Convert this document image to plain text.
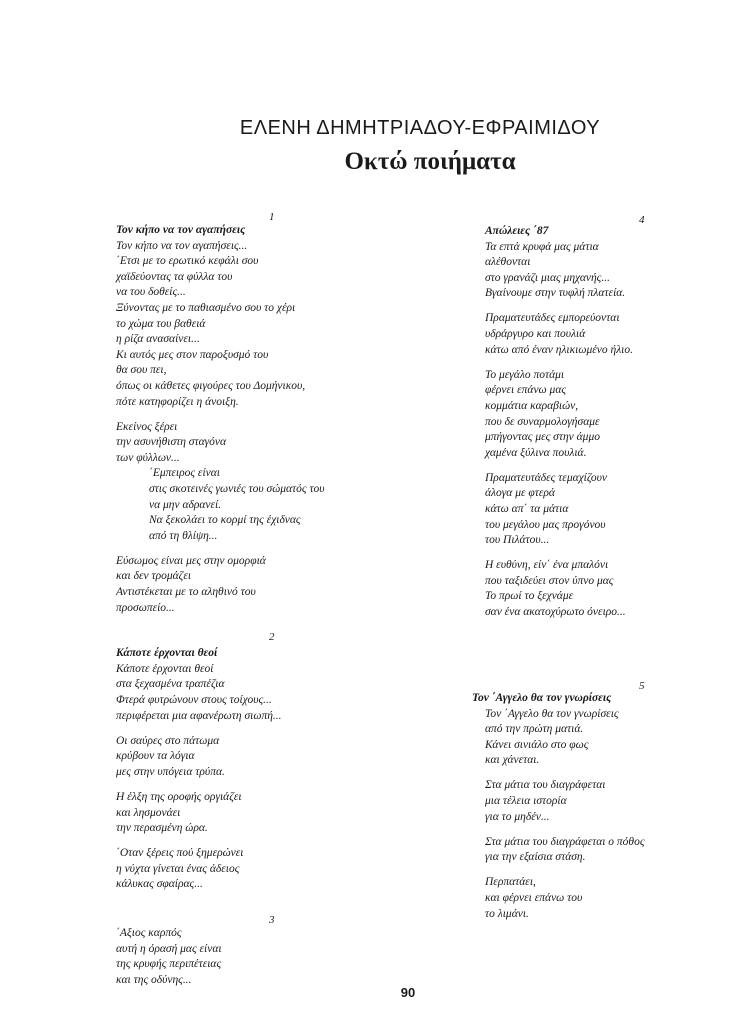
ΕΛΕΝΗ ΔΗΜΗΤΡΙΑΔΟΥ-ΕΦΡΑΙΜΙΔΟΥ
Οκτώ ποιήματα
1
Τον κήπο να τον αγαπήσεις
Τον κήπο να τον αγαπήσεις...
΄Ετσι με το ερωτικό κεφάλι σου
χαϊδεύοντας τα φύλλα του
να του δοθείς...
Ξύνοντας με το παθιασμένο σου το χέρι
το χώμα του βαθειά
η ρίζα ανασαίνει...
Κι αυτός μες στον παροξυσμό του
θα σου πει,
όπως οι κάθετες φιγούρες του Δομήνικου,
πότε κατηφορίζει η άνοιξη.
Εκείνος ξέρει
την ασυνήθιστη σταγόνα
των φύλλων...
΄Εμπειρος είναι
στις σκοτεινές γωνιές του σώματός του
να μην αδρανεί.
Να ξεκολάει το κορμί της έχιδνας
από τη θλίψη...
Εύσωμος είναι μες στην ομορφιά
και δεν τρομάζει
Αντιστέκεται με το αληθινό του
προσωπείο...
2
Κάποτε έρχονται θεοί
Κάποτε έρχονται θεοί
στα ξεχασμένα τραπέζια
Φτερά φυτρώνουν στους τοίχους...
περιφέρεται μια αφανέρωτη σιωπή...
Οι σαύρες στο πάτωμα
κρύβουν τα λόγια
μες στην υπόγεια τρύπα.
Η έλξη της οροφής οργιάζει
και λησμονάει
την περασμένη ώρα.
΄Οταν ξέρεις πού ξημερώνει
η νύχτα γίνεται ένας άδειος
κάλυκας σφαίρας...
3
΄Αξιος καρπός
αυτή η όρασή μας είναι
της κρυφής περιπέτειας
και της οδύνης...
4
Απώλειες ΄87
Τα επτά κρυφά μας μάτια
αλέθονται
στο γρανάζι μιας μηχανής...
Βγαίνουμε στην τυφλή πλατεία.
Πραματευτάδες εμπορεύονται
υδράργυρο και πουλιά
κάτω από έναν ηλικιωμένο ήλιο.
Το μεγάλο ποτάμι
φέρνει επάνω μας
κομμάτια καραβιών,
που δε συναρμολογήσαμε
μπήγοντας μες στην άμμο
χαμένα ξύλινα πουλιά.
Πραματευτάδες τεμαχίζουν
άλογα με φτερά
κάτω απ΄ τα μάτια
του μεγάλου μας προγόνου
του Πιλάτου...
Η ευθύνη, είν΄ ένα μπαλόνι
που ταξιδεύει στον ύπνο μας
Το πρωί το ξεχνάμε
σαν ένα ακατοχύρωτο όνειρο...
5
Τον ΄Αγγελο θα τον γνωρίσεις
Τον ΄Αγγελο θα τον γνωρίσεις
από την πρώτη ματιά.
Κάνει σινιάλο στο φως
και χάνεται.
Στα μάτια του διαγράφεται
μια τέλεια ιστορία
για το μηδέν...
Στα μάτια του διαγράφεται ο πόθος
για την εξαίσια στάση.
Περπατάει,
και φέρνει επάνω του
το λιμάνι.
90
